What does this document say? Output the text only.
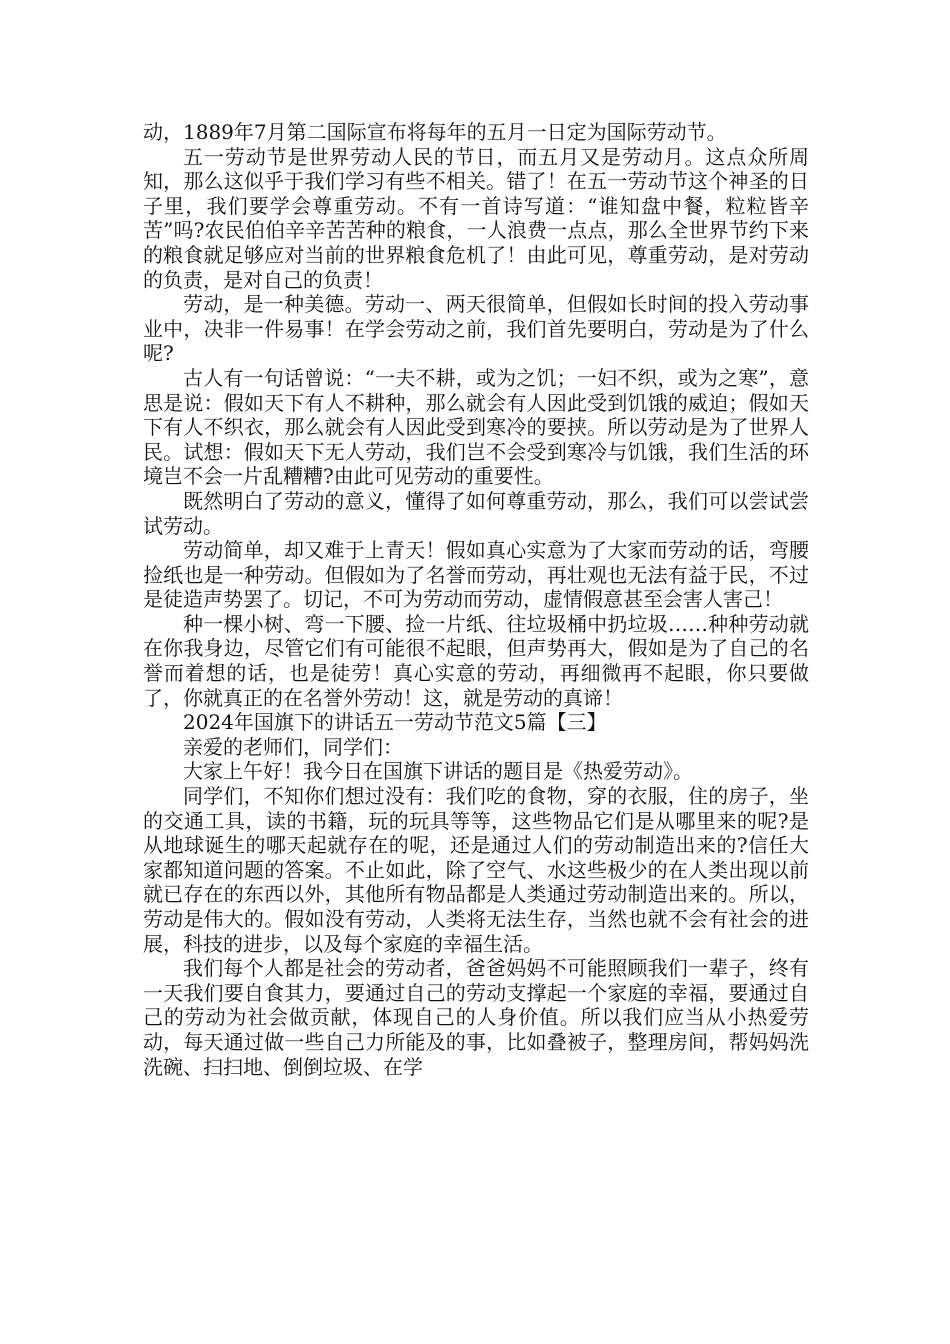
动，1889年7月第二国际宣布将每年的五月一日定为国际劳动节。

五一劳动节是世界劳动人民的节日，而五月又是劳动月。这点众所周知，那么这似乎于我们学习有些不相关。错了！在五一劳动节这个神圣的日子里，我们要学会尊重劳动。不有一首诗写道：“谁知盘中餐，粒粒皆辛苦”吗?农民伯伯辛辛苦苦种的粮食，一人浪费一点点，那么全世界节约下来的粮食就足够应对当前的世界粮食危机了！由此可见，尊重劳动，是对劳动的负责，是对自己的负责！

劳动，是一种美德。劳动一、两天很简单，但假如长时间的投入劳动事业中，决非一件易事！在学会劳动之前，我们首先要明白，劳动是为了什么呢?

古人有一句话曾说：“一夫不耕，或为之饥；一妇不织，或为之寒”，意思是说：假如天下有人不耕种，那么就会有人因此受到饥饿的威迫；假如天下有人不织衣，那么就会有人因此受到寒冷的要挟。所以劳动是为了世界人民。试想：假如天下无人劳动，我们岂不会受到寒冷与饥饿，我们生活的环境岂不会一片乱糟糟?由此可见劳动的重要性。

既然明白了劳动的意义，懂得了如何尊重劳动，那么，我们可以尝试尝试劳动。

劳动简单，却又难于上青天！假如真心实意为了大家而劳动的话，弯腰捡纸也是一种劳动。但假如为了名誉而劳动，再壮观也无法有益于民，不过是徒造声势罢了。切记，不可为劳动而劳动，虚情假意甚至会害人害己！

种一棵小树、弯一下腰、捡一片纸、往垃圾桶中扔垃圾……种种劳动就在你我身边，尽管它们有可能很不起眼，但声势再大，假如是为了自己的名誉而着想的话，也是徒劳！真心实意的劳动，再细微再不起眼，你只要做了，你就真正的在名誉外劳动！这，就是劳动的真谛！

2024年国旗下的讲话五一劳动节范文5篇【三】

亲爱的老师们，同学们：

大家上午好！我今日在国旗下讲话的题目是《热爱劳动》。

同学们，不知你们想过没有：我们吃的食物，穿的衣服，住的房子，坐的交通工具，读的书籍，玩的玩具等等，这些物品它们是从哪里来的呢?是从地球诞生的哪天起就存在的呢，还是通过人们的劳动制造出来的?信任大家都知道问题的答案。不止如此，除了空气、水这些极少的在人类出现以前就已存在的东西以外，其他所有物品都是人类通过劳动制造出来的。所以，劳动是伟大的。假如没有劳动，人类将无法生存，当然也就不会有社会的进展，科技的进步，以及每个家庭的幸福生活。

我们每个人都是社会的劳动者，爸爸妈妈不可能照顾我们一辈子，终有一天我们要自食其力，要通过自己的劳动支撑起一个家庭的幸福，要通过自己的劳动为社会做贡献，体现自己的人身价值。所以我们应当从小热爱劳动，每天通过做一些自己力所能及的事，比如叠被子，整理房间，帮妈妈洗洗碗、扫扫地、倒倒垃圾、在学
